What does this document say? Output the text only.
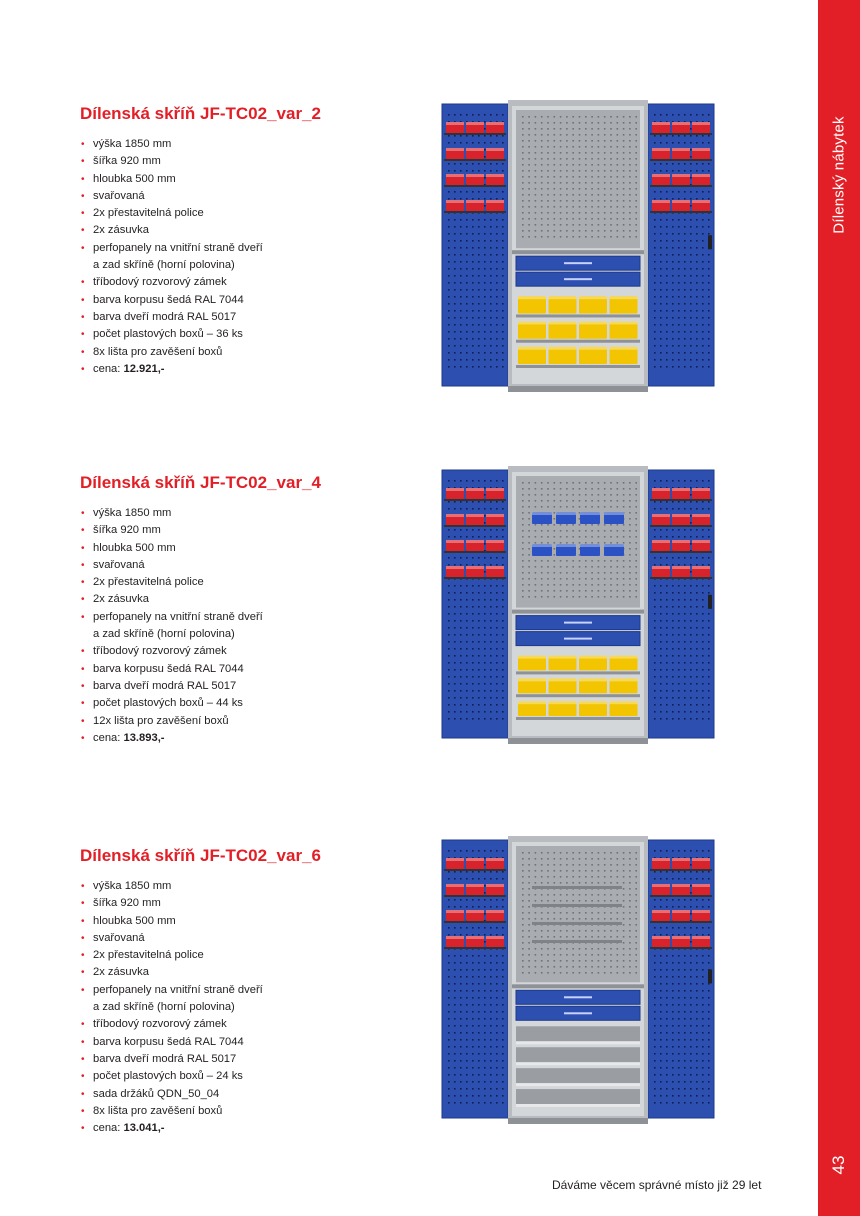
Dílenský nábytek
43
Dílenská skříň JF-TC02_var_2
• výška 1850 mm
• šířka 920 mm
• hloubka 500 mm
• svařovaná
• 2x přestavitelná police
• 2x zásuvka
• perfopanely na vnitřní straně dveří
a zad skříně (horní polovina)
• tříbodový rozvorový zámek
• barva korpusu šedá RAL 7044
• barva dveří modrá RAL 5017
• počet plastových boxů – 36 ks
• 8x lišta pro zavěšení boxů
• cena: 12.921,-
Dílenská skříň JF-TC02_var_4
• výška 1850 mm
• šířka 920 mm
• hloubka 500 mm
• svařovaná
• 2x přestavitelná police
• 2x zásuvka
• perfopanely na vnitřní straně dveří
a zad skříně (horní polovina)
• tříbodový rozvorový zámek
• barva korpusu šedá RAL 7044
• barva dveří modrá RAL 5017
• počet plastových boxů – 44 ks
• 12x lišta pro zavěšení boxů
• cena: 13.893,-
Dílenská skříň JF-TC02_var_6
• výška 1850 mm
• šířka 920 mm
• hloubka 500 mm
• svařovaná
• 2x přestavitelná police
• 2x zásuvka
• perfopanely na vnitřní straně dveří
a zad skříně (horní polovina)
• tříbodový rozvorový zámek
• barva korpusu šedá RAL 7044
• barva dveří modrá RAL 5017
• počet plastových boxů – 24 ks
• sada držáků QDN_50_04
• 8x lišta pro zavěšení boxů
• cena: 13.041,-
Dáváme věcem správné místo již 29 let
